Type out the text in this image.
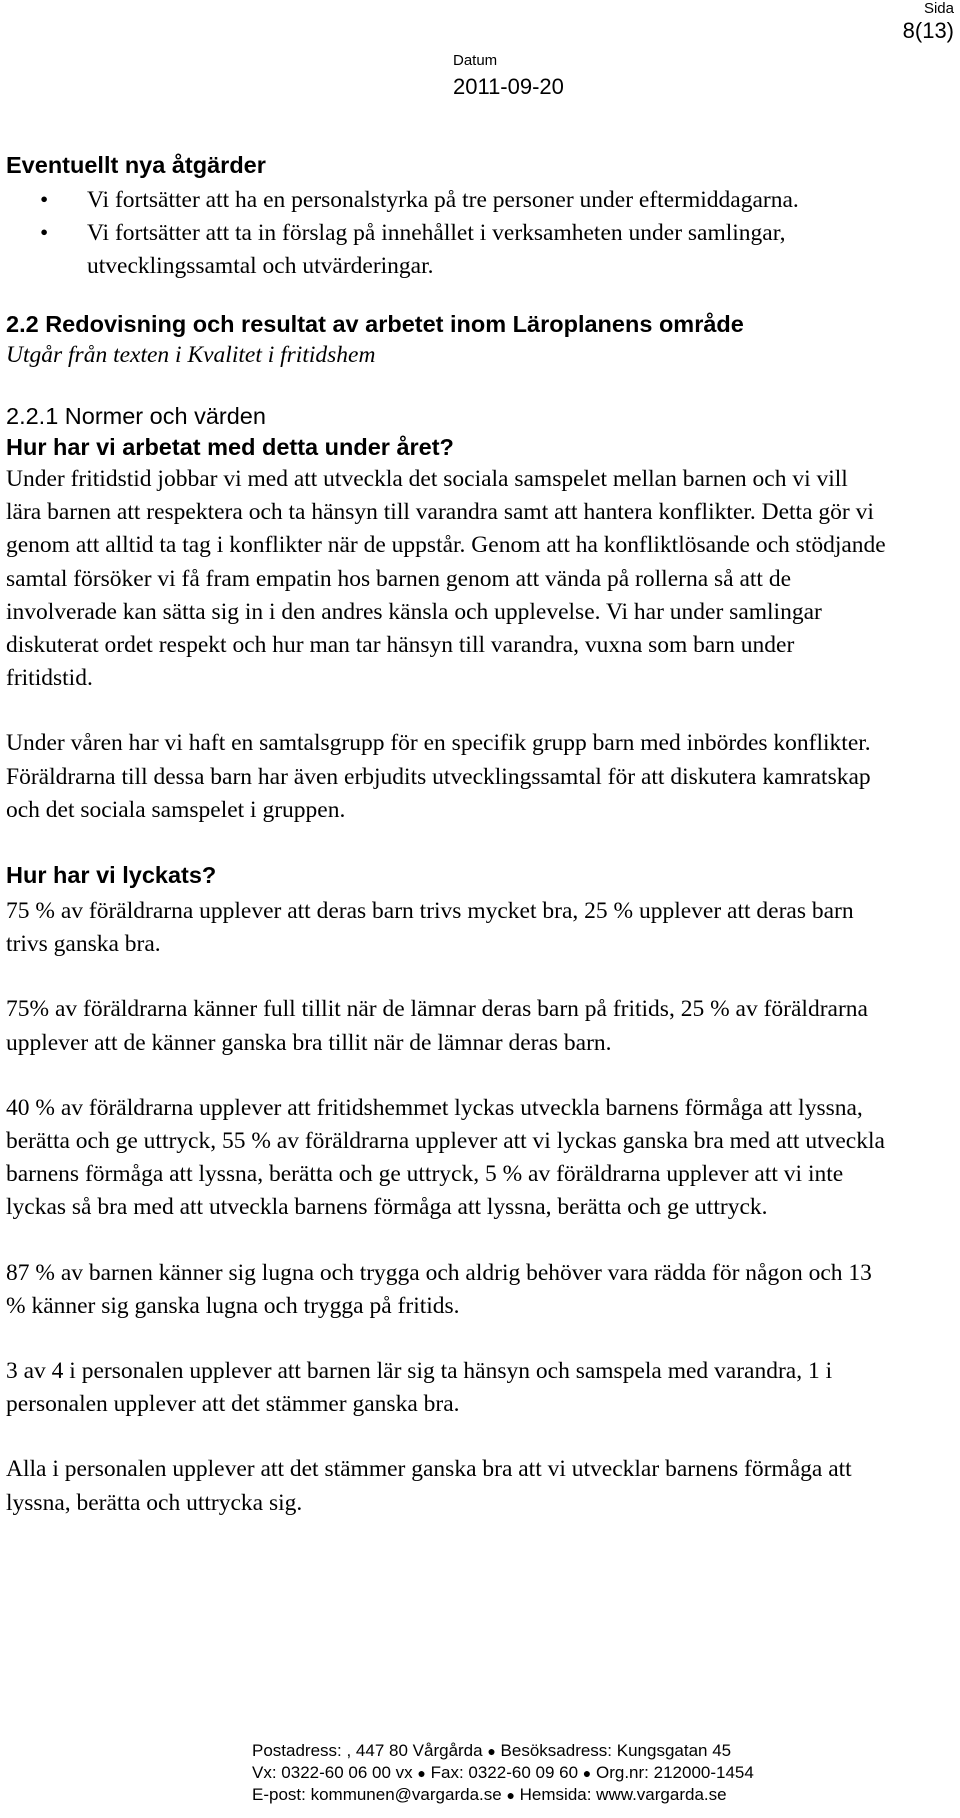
Sida
8(13)
Datum
2011-09-20
Eventuellt nya åtgärder
• Vi fortsätter att ha en personalstyrka på tre personer under eftermiddagarna.
• Vi fortsätter att ta in förslag på innehållet i verksamheten under samlingar, utvecklingssamtal och utvärderingar.
2.2 Redovisning och resultat av arbetet inom Läroplanens område
Utgår från texten i Kvalitet i fritidshem
2.2.1 Normer och värden
Hur har vi arbetat med detta under året?

Under fritidstid jobbar vi med att utveckla det sociala samspelet mellan barnen och vi vill lära barnen att respektera och ta hänsyn till varandra samt att hantera konflikter. Detta gör vi genom att alltid ta tag i konflikter när de uppstår. Genom att ha konfliktlösande och stödjande samtal försöker vi få fram empatin hos barnen genom att vända på rollerna så att de involverade kan sätta sig in i den andres känsla och upplevelse. Vi har under samlingar diskuterat ordet respekt och hur man tar hänsyn till varandra, vuxna som barn under fritidstid.

Under våren har vi haft en samtalsgrupp för en specifik grupp barn med inbördes konflikter. Föräldrarna till dessa barn har även erbjudits utvecklingssamtal för att diskutera kamratskap och det sociala samspelet i gruppen.

Hur har vi lyckats?

75 % av föräldrarna upplever att deras barn trivs mycket bra, 25 % upplever att deras barn trivs ganska bra.

75% av föräldrarna känner full tillit när de lämnar deras barn på fritids, 25 % av föräldrarna upplever att de känner ganska bra tillit när de lämnar deras barn.

40 % av föräldrarna upplever att fritidshemmet lyckas utveckla barnens förmåga att lyssna, berätta och ge uttryck, 55 % av föräldrarna upplever att vi lyckas ganska bra med att utveckla barnens förmåga att lyssna, berätta och ge uttryck, 5 % av föräldrarna upplever att vi inte lyckas så bra med att utveckla barnens förmåga att lyssna, berätta och ge uttryck.

87 % av barnen känner sig lugna och trygga och aldrig behöver vara rädda för någon och 13 % känner sig ganska lugna och trygga på fritids.

3 av 4 i personalen upplever att barnen lär sig ta hänsyn och samspela med varandra, 1 i personalen upplever att det stämmer ganska bra.

Alla i personalen upplever att det stämmer ganska bra att vi utvecklar barnens förmåga att lyssna, berätta och uttrycka sig.

Postadress: , 447 80 Vårgårda ● Besöksadress: Kungsgatan 45
Vx: 0322-60 06 00 vx ● Fax: 0322-60 09 60 ● Org.nr: 212000-1454
E-post: kommunen@vargarda.se ● Hemsida: www.vargarda.se
